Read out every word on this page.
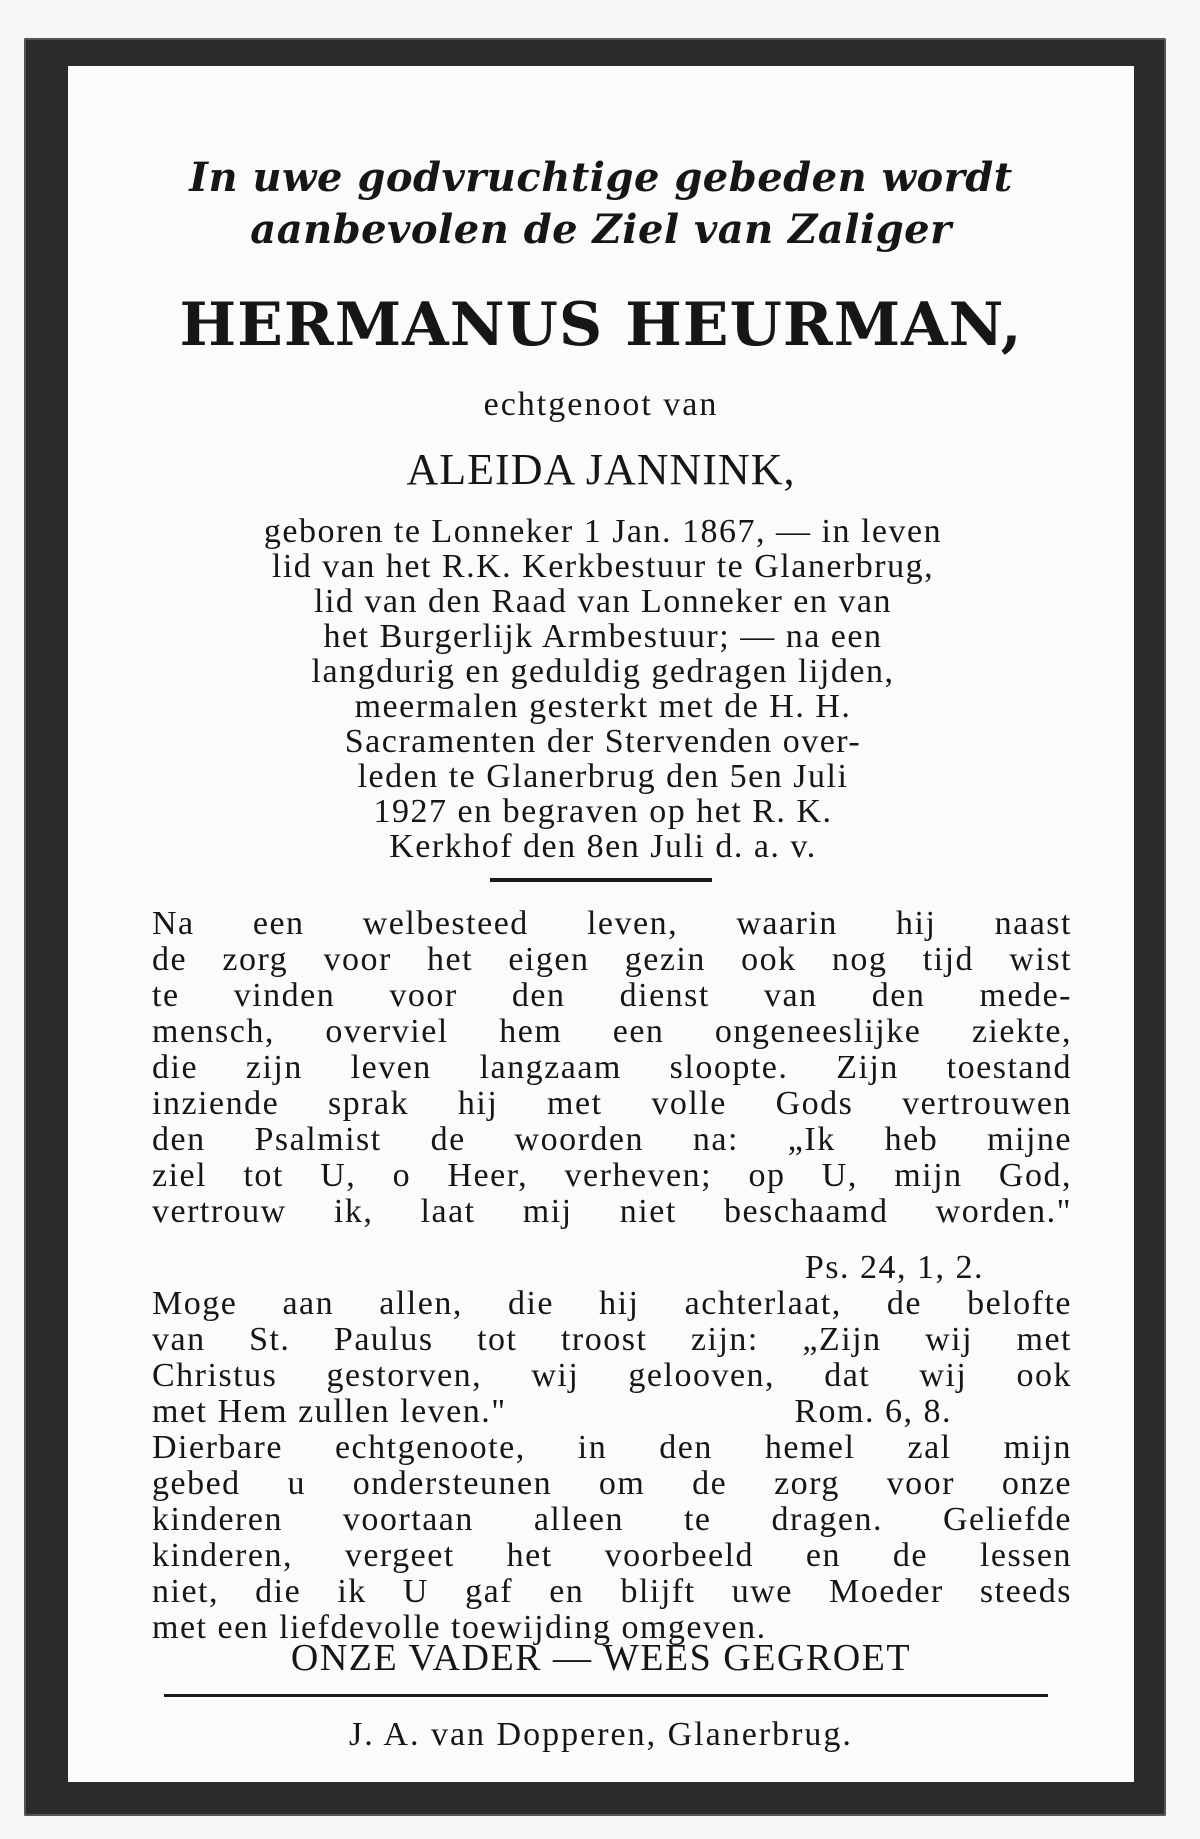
In uwe godvruchtige gebeden wordt
aanbevolen de Ziel van Zaliger
HERMANUS HEURMAN,
echtgenoot van
ALEIDA JANNINK,
geboren te Lonneker 1 Jan. 1867, — in leven
lid van het R.K. Kerkbestuur te Glanerbrug,
lid van den Raad van Lonneker en van
het Burgerlijk Armbestuur; — na een
langdurig en geduldig gedragen lijden,
meermalen gesterkt met de H. H.
Sacramenten der Stervenden over-
leden te Glanerbrug den 5en Juli
1927 en begraven op het R. K.
Kerkhof den 8en Juli d. a. v.
Na een welbesteed leven, waarin hij naast
de zorg voor het eigen gezin ook nog tijd wist
te vinden voor den dienst van den mede-
mensch, overviel hem een ongeneeslijke ziekte,
die zijn leven langzaam sloopte. Zijn toestand
inziende sprak hij met volle Gods vertrouwen
den Psalmist de woorden na: „Ik heb mijne
ziel tot U, o Heer, verheven; op U, mijn God,
vertrouw ik, laat mij niet beschaamd worden."
Ps. 24, 1, 2.
Moge aan allen, die hij achterlaat, de belofte
van St. Paulus tot troost zijn: „Zijn wij met
Christus gestorven, wij gelooven, dat wij ook
met Hem zullen leven."	Rom. 6, 8.
Dierbare echtgenoote, in den hemel zal mijn
gebed u ondersteunen om de zorg voor onze
kinderen voortaan alleen te dragen. Geliefde
kinderen, vergeet het voorbeeld en de lessen
niet, die ik U gaf en blijft uwe Moeder steeds
met een liefdevolle toewijding omgeven.
ONZE VADER — WEES GEGROET
J. A. van Dopperen, Glanerbrug.
